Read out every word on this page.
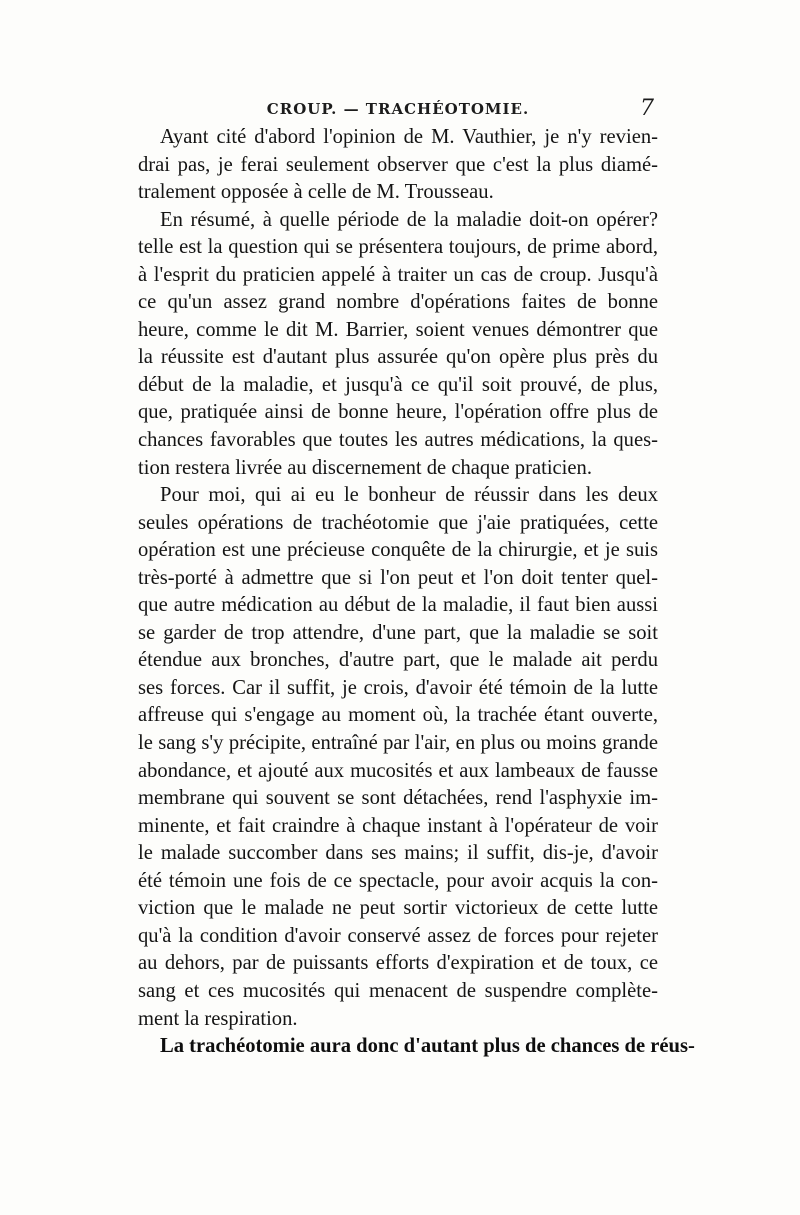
CROUP. — TRACHÉOTOMIE.	7
Ayant cité d'abord l'opinion de M. Vauthier, je n'y revien-
drai pas, je ferai seulement observer que c'est la plus diamé-
tralement opposée à celle de M. Trousseau.
En résumé, à quelle période de la maladie doit-on opérer?
telle est la question qui se présentera toujours, de prime abord,
à l'esprit du praticien appelé à traiter un cas de croup. Jusqu'à
ce qu'un assez grand nombre d'opérations faites de bonne
heure, comme le dit M. Barrier, soient venues démontrer que
la réussite est d'autant plus assurée qu'on opère plus près du
début de la maladie, et jusqu'à ce qu'il soit prouvé, de plus,
que, pratiquée ainsi de bonne heure, l'opération offre plus de
chances favorables que toutes les autres médications, la ques-
tion restera livrée au discernement de chaque praticien.
Pour moi, qui ai eu le bonheur de réussir dans les deux
seules opérations de trachéotomie que j'aie pratiquées, cette
opération est une précieuse conquête de la chirurgie, et je suis
très-porté à admettre que si l'on peut et l'on doit tenter quel-
que autre médication au début de la maladie, il faut bien aussi
se garder de trop attendre, d'une part, que la maladie se soit
étendue aux bronches, d'autre part, que le malade ait perdu
ses forces. Car il suffit, je crois, d'avoir été témoin de la lutte
affreuse qui s'engage au moment où, la trachée étant ouverte,
le sang s'y précipite, entraîné par l'air, en plus ou moins grande
abondance, et ajouté aux mucosités et aux lambeaux de fausse
membrane qui souvent se sont détachées, rend l'asphyxie im-
minente, et fait craindre à chaque instant à l'opérateur de voir
le malade succomber dans ses mains; il suffit, dis-je, d'avoir
été témoin une fois de ce spectacle, pour avoir acquis la con-
viction que le malade ne peut sortir victorieux de cette lutte
qu'à la condition d'avoir conservé assez de forces pour rejeter
au dehors, par de puissants efforts d'expiration et de toux, ce
sang et ces mucosités qui menacent de suspendre complète-
ment la respiration.
La trachéotomie aura donc d'autant plus de chances de réus-
